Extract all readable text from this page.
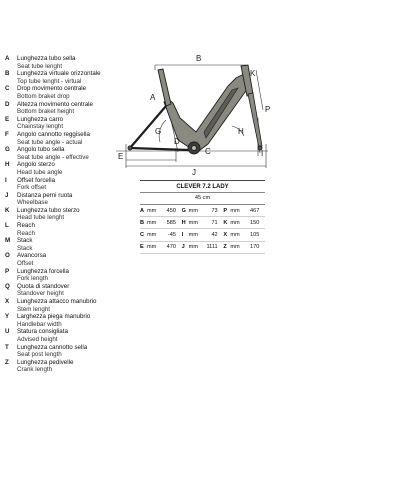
A	Lunghezza tubo sella
Seat tube lenght
B	Lunghezza virtuale orizzontale
Top tube lenght - virtual
C	Drop movimento centrale
Bottom braket drop
D	Altezza movimento centrale
Bottom braket height
E	Lunghezza carro
Chainstay lenght
F	Angolo cannotto reggisella
Seat tube angle - actual
G	Angolo tubo sella
Seat tube angle - effective
H	Angolo sterzo
Head tube angle
I	Offset forcella
Fork offset
J	Distanza perni ruota
Wheelbase
K	Lunghezza tubo sterzo
Head tube lenght
L	Reach
Reach
M	Stack
Stack
O	Avancorsa
Offset
P	Lunghezza forcella
Fork length
Q	Quota di standover
Standover height
X	Lunghezza attacco manubrio
Stem lenght
Y	Larghezza piega manubrio
Handlebar width
U	Statura consigliata
Advised height
T	Lunghezza cannotto sella
Seat post length
Z	Lunghezza pedivelle
Crank length
B
A
G
C
D
E
H
I
J
K
P
CLEVER 7.2 LADY
45 cm
A mm	450 G mm	73 P mm	467
B mm	585 H mm	71 K mm	150
C mm	-45 I mm	42 X mm	105
E mm	470 J mm	1111 Z mm	170
